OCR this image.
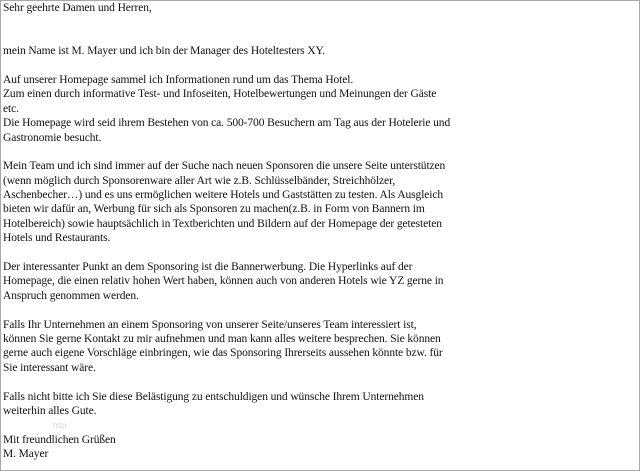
Sehr geehrte Damen und Herren,
mein Name ist M. Mayer und ich bin der Manager des Hoteltesters XY.
Auf unserer Homepage sammel ich Informationen rund um das Thema Hotel.
Zum einen durch informative Test- und Infoseiten, Hotelbewertungen und Meinungen der Gäste
etc.
Die Homepage wird seid ihrem Bestehen von ca. 500-700 Besuchern am Tag aus der Hotelerie und
Gastronomie besucht.
Mein Team und ich sind immer auf der Suche nach neuen Sponsoren die unsere Seite unterstützen
(wenn möglich durch Sponsorenware aller Art wie z.B. Schlüsselbänder, Streichhölzer,
Aschenbecher…) und es uns ermöglichen weitere Hotels und Gaststätten zu testen. Als Ausgleich
bieten wir dafür an, Werbung für sich als Sponsoren zu machen(z.B. in Form von Bannern im
Hotelbereich) sowie hauptsächlich in Textberichten und Bildern auf der Homepage der getesteten
Hotels und Restaurants.
Der interessanter Punkt an dem Sponsoring ist die Bannerwerbung. Die Hyperlinks auf der
Homepage, die einen relativ hohen Wert haben, können auch von anderen Hotels wie YZ gerne in
Anspruch genommen werden.
Falls Ihr Unternehmen an einem Sponsoring von unserer Seite/unseres Team interessiert ist,
können Sie gerne Kontakt zu mir aufnehmen und man kann alles weitere besprechen. Sie können
gerne auch eigene Vorschläge einbringen, wie das Sponsoring Ihrerseits aussehen könnte bzw. für
Sie interessant wäre.
Falls nicht bitte ich Sie diese Belästigung zu entschuldigen und wünsche Ihrem Unternehmen
weiterhin alles Gute.
Mit freundlichen Grüßen
M. Mayer
http
